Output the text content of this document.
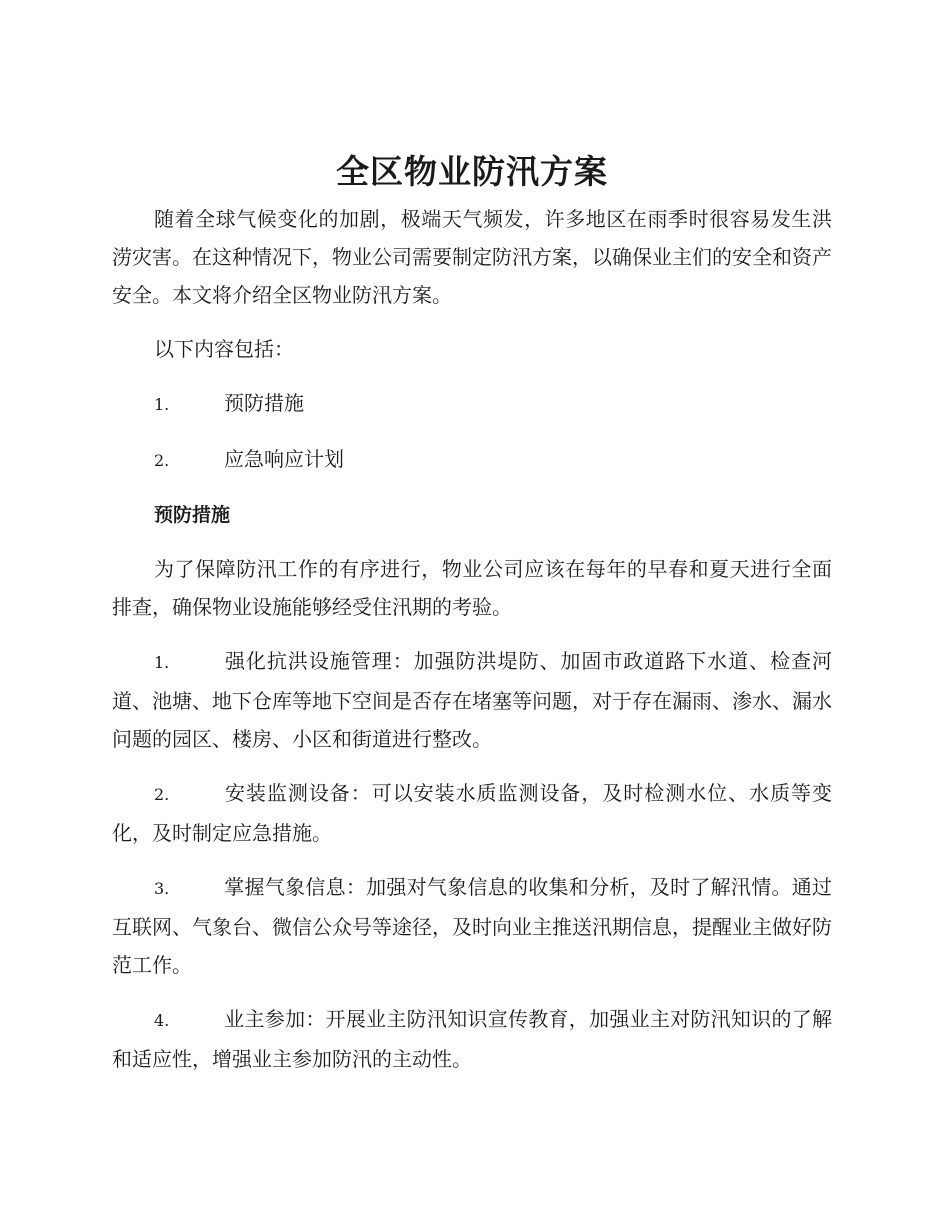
全区物业防汛方案

随着全球气候变化的加剧，极端天气频发，许多地区在雨季时很容易发生洪涝灾害。在这种情况下，物业公司需要制定防汛方案，以确保业主们的安全和资产安全。本文将介绍全区物业防汛方案。

以下内容包括：

1.	预防措施

2.	应急响应计划

预防措施

为了保障防汛工作的有序进行，物业公司应该在每年的早春和夏天进行全面排查，确保物业设施能够经受住汛期的考验。

1.	强化抗洪设施管理：加强防洪堤防、加固市政道路下水道、检查河道、池塘、地下仓库等地下空间是否存在堵塞等问题，对于存在漏雨、渗水、漏水问题的园区、楼房、小区和街道进行整改。

2.	安装监测设备：可以安装水质监测设备，及时检测水位、水质等变化，及时制定应急措施。

3.	掌握气象信息：加强对气象信息的收集和分析，及时了解汛情。通过互联网、气象台、微信公众号等途径，及时向业主推送汛期信息，提醒业主做好防范工作。

4.	业主参加：开展业主防汛知识宣传教育，加强业主对防汛知识的了解和适应性，增强业主参加防汛的主动性。
